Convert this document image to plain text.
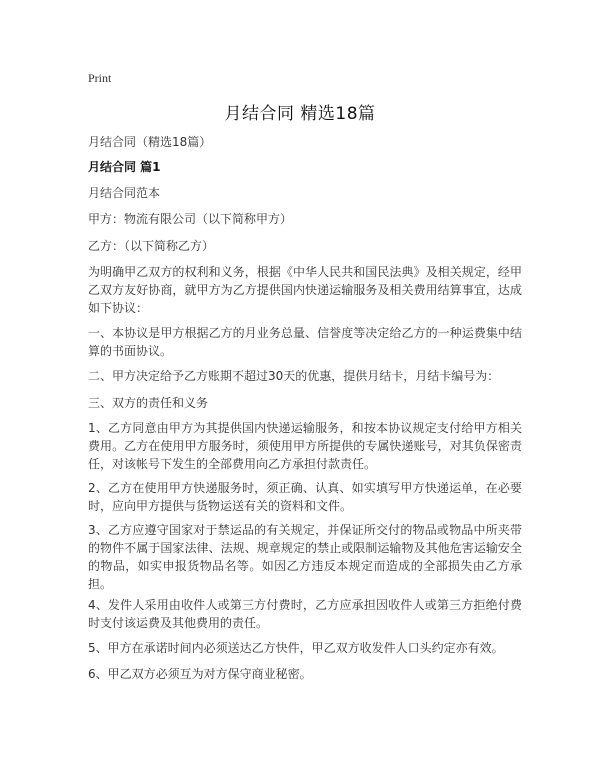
Print
月结合同 精选18篇
月结合同（精选18篇）
月结合同 篇1

月结合同范本

甲方：物流有限公司（以下简称甲方）

乙方：（以下简称乙方）

为明确甲乙双方的权利和义务，根据《中华人民共和国民法典》及相关规定，经甲乙双方友好协商，就甲方为乙方提供国内快递运输服务及相关费用结算事宜，达成如下协议：

一、本协议是甲方根据乙方的月业务总量、信誉度等决定给乙方的一种运费集中结算的书面协议。

二、甲方决定给予乙方账期不超过30天的优惠，提供月结卡，月结卡编号为：

三、双方的责任和义务

1、乙方同意由甲方为其提供国内快递运输服务，和按本协议规定支付给甲方相关费用。乙方在使用甲方服务时，须使用甲方所提供的专属快递账号，对其负保密责任，对该帐号下发生的全部费用向乙方承担付款责任。

2、乙方在使用甲方快递服务时，须正确、认真、如实填写甲方快递运单，在必要时，应向甲方提供与货物运送有关的资料和文件。

3、乙方应遵守国家对于禁运品的有关规定，并保证所交付的物品或物品中所夹带的物件不属于国家法律、法规、规章规定的禁止或限制运输物及其他危害运输安全的物品，如实申报货物品名等。如因乙方违反本规定而造成的全部损失由乙方承担。

4、发件人采用由收件人或第三方付费时，乙方应承担因收件人或第三方拒绝付费时支付该运费及其他费用的责任。

5、甲方在承诺时间内必须送达乙方快件，甲乙双方收发件人口头约定亦有效。

6、甲乙双方必须互为对方保守商业秘密。
